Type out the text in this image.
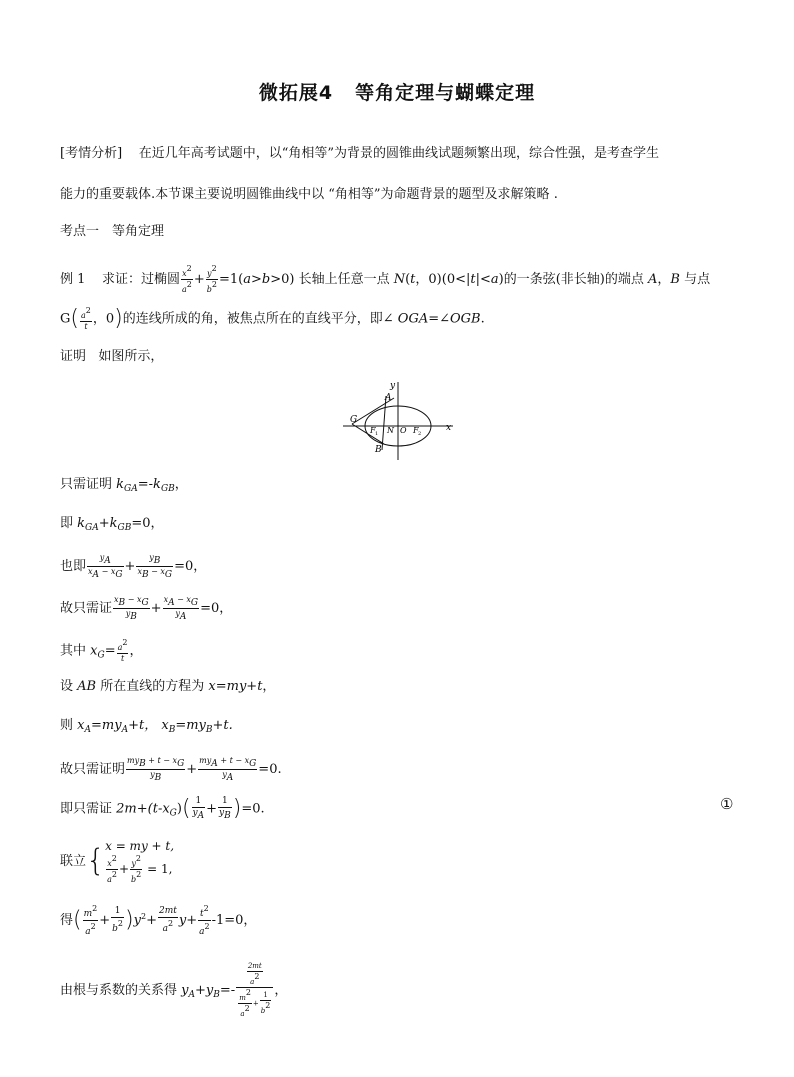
微拓展4 等角定理与蝴蝶定理
[考情分析] 在近几年高考试题中，以“角相等”为背景的圆锥曲线试题频繁出现，综合性强，是考查学生
能力的重要载体.本节课主要说明圆锥曲线中以 “角相等”为命题背景的题型及求解策略 .
考点一　等角定理
例 1 求证：过椭圆 $\frac{x2}{a2} + \frac{y2}{b2} =1(a>b>0)$ 长轴上任意一点 N(t，0)(0<|t|<a)的一条弦(非长轴)的端点 A，B 与点
$G( \frac{a2}{t}$ ，0)的连线所成的角，被焦点所在的直线平分，即∠ OGA=∠OGB.
证明 如图所示，
y
x
A
B
G
F 1 N O F 2
只需证明 $k_{GA}=-k_{GB}$，
即 $k_{GA}+k_{GB}=0$，
也即 $\frac{yA}{xA - xG} + \frac{yB}{xB - xG} =0$，
故只需证 $\frac{xB - xG}{yB} + \frac{xA - xG}{yA} =0$，
其中 $x_G= \frac{a2}{t}$ ，
设 AB 所在直线的方程为 x=my+t，
则 $x_A=my_A+t$， $x_B=my_B+t$.
故只需证明 $\frac{\text{myB + t − xG}}{yB} + \frac{\text{myA + t − xG}}{yA} =0$.
即只需证 $2m+(t-x_G)( \frac{1}{yA} + \frac{1}{yB} )=0$.	①
联立{ x = my + t,
$\frac{x2}{a2} + \frac{y2}{b2} = 1$,
得( $\frac{m2}{a2} + \frac{1}{b2} )y^2+ \frac{2mt}{a2} y+ \frac{t2}{a2} -1=0$，
由根与系数的关系得 $y_A+y_B=- \frac{\frac{2mt}{a2}}{\frac{m2}{a2} + \frac{1}{b2}}$ ，
